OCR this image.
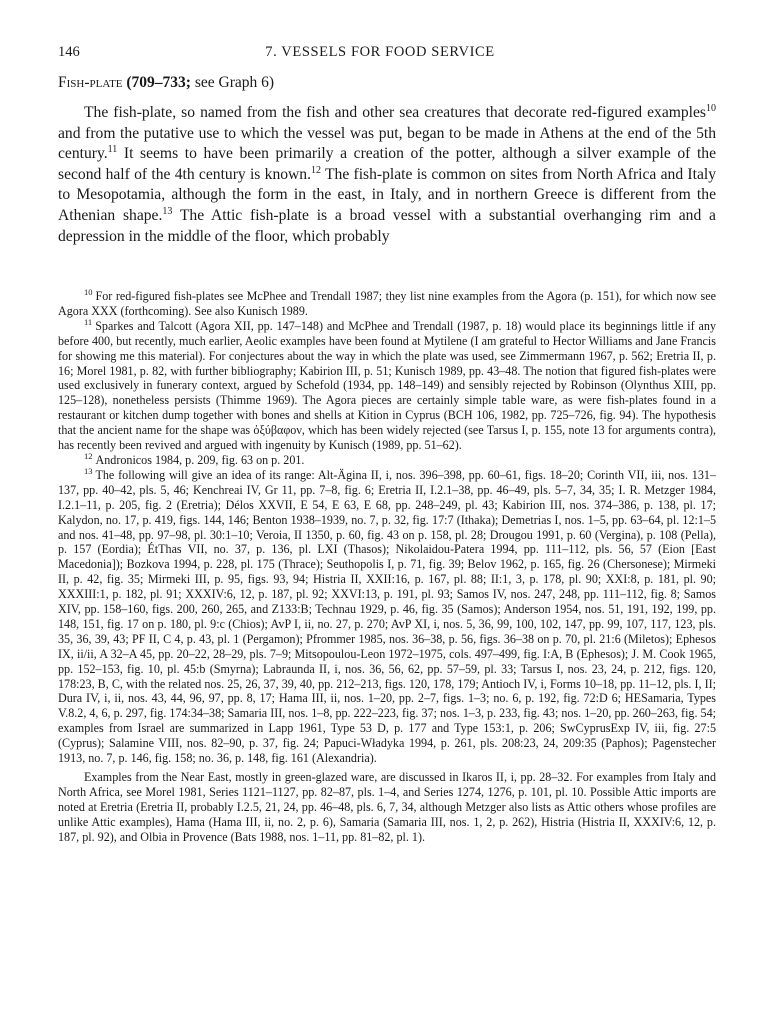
146	7. VESSELS FOR FOOD SERVICE
Fish-plate (709–733; see Graph 6)

The fish-plate, so named from the fish and other sea creatures that decorate red-figured examples$^{10}$ and from the putative use to which the vessel was put, began to be made in Athens at the end of the 5th century.$^{11}$ It seems to have been primarily a creation of the potter, although a silver example of the second half of the 4th century is known.$^{12}$ The fish-plate is common on sites from North Africa and Italy to Mesopotamia, although the form in the east, in Italy, and in northern Greece is different from the Athenian shape.$^{13}$ The Attic fish-plate is a broad vessel with a substantial overhanging rim and a depression in the middle of the floor, which probably

$^{10}$ For red-figured fish-plates see McPhee and Trendall 1987; they list nine examples from the Agora (p. 151), for which now see Agora XXX (forthcoming). See also Kunisch 1989.

$^{11}$ Sparkes and Talcott (Agora XII, pp. 147–148) and McPhee and Trendall (1987, p. 18) would place its beginnings little if any before 400, but recently, much earlier, Aeolic examples have been found at Mytilene (I am grateful to Hector Williams and Jane Francis for showing me this material). For conjectures about the way in which the plate was used, see Zimmermann 1967, p. 562; Eretria II, p. 16; Morel 1981, p. 82, with further bibliography; Kabirion III, p. 51; Kunisch 1989, pp. 43–48. The notion that figured fish-plates were used exclusively in funerary context, argued by Schefold (1934, pp. 148–149) and sensibly rejected by Robinson (Olynthus XIII, pp. 125–128), nonetheless persists (Thimme 1969). The Agora pieces are certainly simple table ware, as were fish-plates found in a restaurant or kitchen dump together with bones and shells at Kition in Cyprus (BCH 106, 1982, pp. 725–726, fig. 94). The hypothesis that the ancient name for the shape was ὀξύβαφον, which has been widely rejected (see Tarsus I, p. 155, note 13 for arguments contra), has recently been revived and argued with ingenuity by Kunisch (1989, pp. 51–62).

$^{12}$ Andronicos 1984, p. 209, fig. 63 on p. 201.

$^{13}$ The following will give an idea of its range: Alt-Ägina II, i, nos. 396–398, pp. 60–61, figs. 18–20; Corinth VII, iii, nos. 131–137, pp. 40–42, pls. 5, 46; Kenchreai IV, Gr 11, pp. 7–8, fig. 6; Eretria II, I.2.1–38, pp. 46–49, pls. 5–7, 34, 35; I. R. Metzger 1984, I.2.1–11, p. 205, fig. 2 (Eretria); Délos XXVII, E 54, E 63, E 68, pp. 248–249, pl. 43; Kabirion III, nos. 374–386, p. 138, pl. 17; Kalydon, no. 17, p. 419, figs. 144, 146; Benton 1938–1939, no. 7, p. 32, fig. 17:7 (Ithaka); Demetrias I, nos. 1–5, pp. 63–64, pl. 12:1–5 and nos. 41–48, pp. 97–98, pl. 30:1–10; Veroia, II 1350, p. 60, fig. 43 on p. 158, pl. 28; Drougou 1991, p. 60 (Vergina), p. 108 (Pella), p. 157 (Eordia); ÉtThas VII, no. 37, p. 136, pl. LXI (Thasos); Nikolaidou-Patera 1994, pp. 111–112, pls. 56, 57 (Eion [East Macedonia]); Bozkova 1994, p. 228, pl. 175 (Thrace); Seuthopolis I, p. 71, fig. 39; Belov 1962, p. 165, fig. 26 (Chersonese); Mirmeki II, p. 42, fig. 35; Mirmeki III, p. 95, figs. 93, 94; Histria II, XXII:16, p. 167, pl. 88; II:1, 3, p. 178, pl. 90; XXI:8, p. 181, pl. 90; XXXIII:1, p. 182, pl. 91; XXXIV:6, 12, p. 187, pl. 92; XXVI:13, p. 191, pl. 93; Samos IV, nos. 247, 248, pp. 111–112, fig. 8; Samos XIV, pp. 158–160, figs. 200, 260, 265, and Z133:B; Technau 1929, p. 46, fig. 35 (Samos); Anderson 1954, nos. 51, 191, 192, 199, pp. 148, 151, fig. 17 on p. 180, pl. 9:c (Chios); AvP I, ii, no. 27, p. 270; AvP XI, i, nos. 5, 36, 99, 100, 102, 147, pp. 99, 107, 117, 123, pls. 35, 36, 39, 43; PF II, C 4, p. 43, pl. 1 (Pergamon); Pfrommer 1985, nos. 36–38, p. 56, figs. 36–38 on p. 70, pl. 21:6 (Miletos); Ephesos IX, ii/ii, A 32–A 45, pp. 20–22, 28–29, pls. 7–9; Mitsopoulou-Leon 1972–1975, cols. 497–499, fig. I:A, B (Ephesos); J. M. Cook 1965, pp. 152–153, fig. 10, pl. 45:b (Smyrna); Labraunda II, i, nos. 36, 56, 62, pp. 57–59, pl. 33; Tarsus I, nos. 23, 24, p. 212, figs. 120, 178:23, B, C, with the related nos. 25, 26, 37, 39, 40, pp. 212–213, figs. 120, 178, 179; Antioch IV, i, Forms 10–18, pp. 11–12, pls. I, II; Dura IV, i, ii, nos. 43, 44, 96, 97, pp. 8, 17; Hama III, ii, nos. 1–20, pp. 2–7, figs. 1–3; no. 6, p. 192, fig. 72:D 6; HESamaria, Types V.8.2, 4, 6, p. 297, fig. 174:34–38; Samaria III, nos. 1–8, pp. 222–223, fig. 37; nos. 1–3, p. 233, fig. 43; nos. 1–20, pp. 260–263, fig. 54; examples from Israel are summarized in Lapp 1961, Type 53 D, p. 177 and Type 153:1, p. 206; SwCyprusExp IV, iii, fig. 27:5 (Cyprus); Salamine VIII, nos. 82–90, p. 37, fig. 24; Papuci-Władyka 1994, p. 261, pls. 208:23, 24, 209:35 (Paphos); Pagenstecher 1913, no. 7, p. 146, fig. 158; no. 36, p. 148, fig. 161 (Alexandria).

Examples from the Near East, mostly in green-glazed ware, are discussed in Ikaros II, i, pp. 28–32. For examples from Italy and North Africa, see Morel 1981, Series 1121–1127, pp. 82–87, pls. 1–4, and Series 1274, 1276, p. 101, pl. 10. Possible Attic imports are noted at Eretria (Eretria II, probably I.2.5, 21, 24, pp. 46–48, pls. 6, 7, 34, although Metzger also lists as Attic others whose profiles are unlike Attic examples), Hama (Hama III, ii, no. 2, p. 6), Samaria (Samaria III, nos. 1, 2, p. 262), Histria (Histria II, XXXIV:6, 12, p. 187, pl. 92), and Olbia in Provence (Bats 1988, nos. 1–11, pp. 81–82, pl. 1).
